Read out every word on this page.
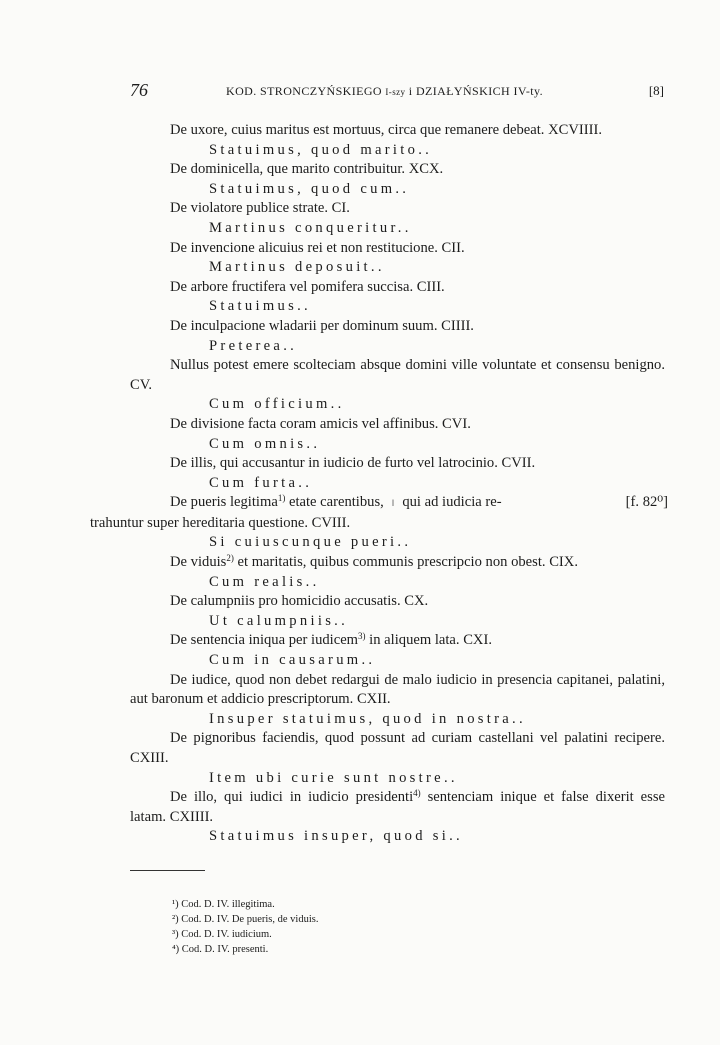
76	KOD. STRONCZYŃSKIEGO I-szy i DZIAŁYŃSKICH IV-ty.	[8]

De uxore, cuius maritus est mortuus, circa que remanere debeat. XCVIIII.

Statuimus, quod marito..

De dominicella, que marito contribuitur. XCX.

Statuimus, quod cum..

De violatore publice strate. CI.

Martinus conqueritur..

De invencione alicuius rei et non restitucione. CII.

Martinus deposuit..

De arbore fructifera vel pomifera succisa. CIII.

Statuimus..

De inculpacione wladarii per dominum suum. CIIII.

Preterea..

Nullus potest emere scolteciam absque domini ville voluntate et consensu benigno. CV.

Cum officium..

De divisione facta coram amicis vel affinibus. CVI.

Cum omnis..

De illis, qui accusantur in iudicio de furto vel latrocinio. CVII.

Cum furta..

De pueris legitima$^{1)}$ etate carentibus, ‖ qui ad iudicia re-	[f. 82⁰]

trahuntur super hereditaria questione. CVIII.

Si cuiuscunque pueri..

De viduis$^{2)}$ et maritatis, quibus communis prescripcio non obest. CIX.

Cum realis..

De calumpniis pro homicidio accusatis. CX.

Ut calumpniis..

De sentencia iniqua per iudicem$^{3)}$ in aliquem lata. CXI.

Cum in causarum..

De iudice, quod non debet redargui de malo iudicio in presencia capitanei, palatini, aut baronum et addicio prescriptorum. CXII.

Insuper statuimus, quod in nostra..

De pignoribus faciendis, quod possunt ad curiam castellani vel palatini recipere. CXIII.

Item ubi curie sunt nostre..

De illo, qui iudici in iudicio presidenti$^{4)}$ sentenciam inique et false dixerit esse latam. CXIIII.

Statuimus insuper, quod si..

¹) Cod. D. IV. illegitima.
²) Cod. D. IV. De pueris, de viduis.
³) Cod. D. IV. iudicium.
⁴) Cod. D. IV. presenti.
